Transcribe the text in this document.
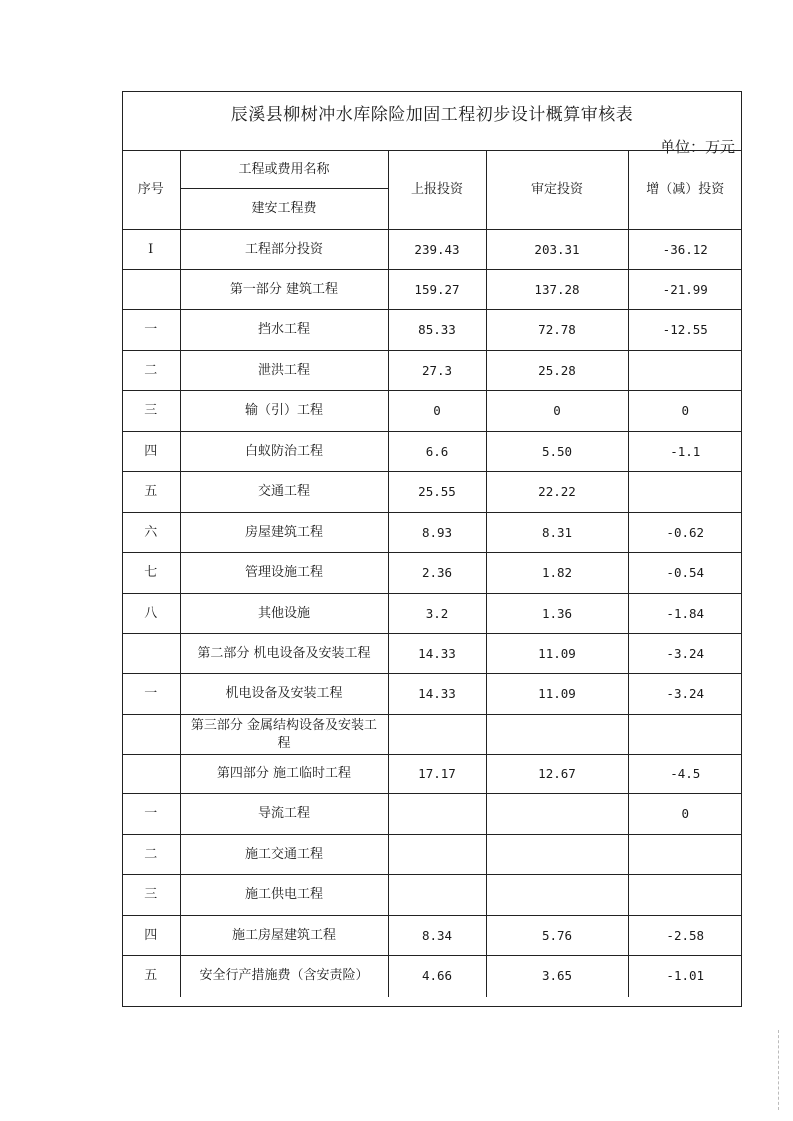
辰溪县柳树冲水库除险加固工程初步设计概算审核表
单位：万元
序号	工程或费用名称	上报投资	审定投资	增（减）投资
	建安工程费			
Ⅰ	工程部分投资	239.43	203.31	-36.12
	第一部分 建筑工程	159.27	137.28	-21.99
一	挡水工程	85.33	72.78	-12.55
二	泄洪工程	27.3	25.28	
三	输（引）工程	0	0	0
四	白蚁防治工程	6.6	5.50	-1.1
五	交通工程	25.55	22.22	
六	房屋建筑工程	8.93	8.31	-0.62
七	管理设施工程	2.36	1.82	-0.54
八	其他设施	3.2	1.36	-1.84
	第二部分 机电设备及安装工程	14.33	11.09	-3.24
一	机电设备及安装工程	14.33	11.09	-3.24
	第三部分 金属结构设备及安装工程			
	第四部分 施工临时工程	17.17	12.67	-4.5
一	导流工程			0
二	施工交通工程			
三	施工供电工程			
四	施工房屋建筑工程	8.34	5.76	-2.58
五	安全行产措施费（含安责险）	4.66	3.65	-1.01
